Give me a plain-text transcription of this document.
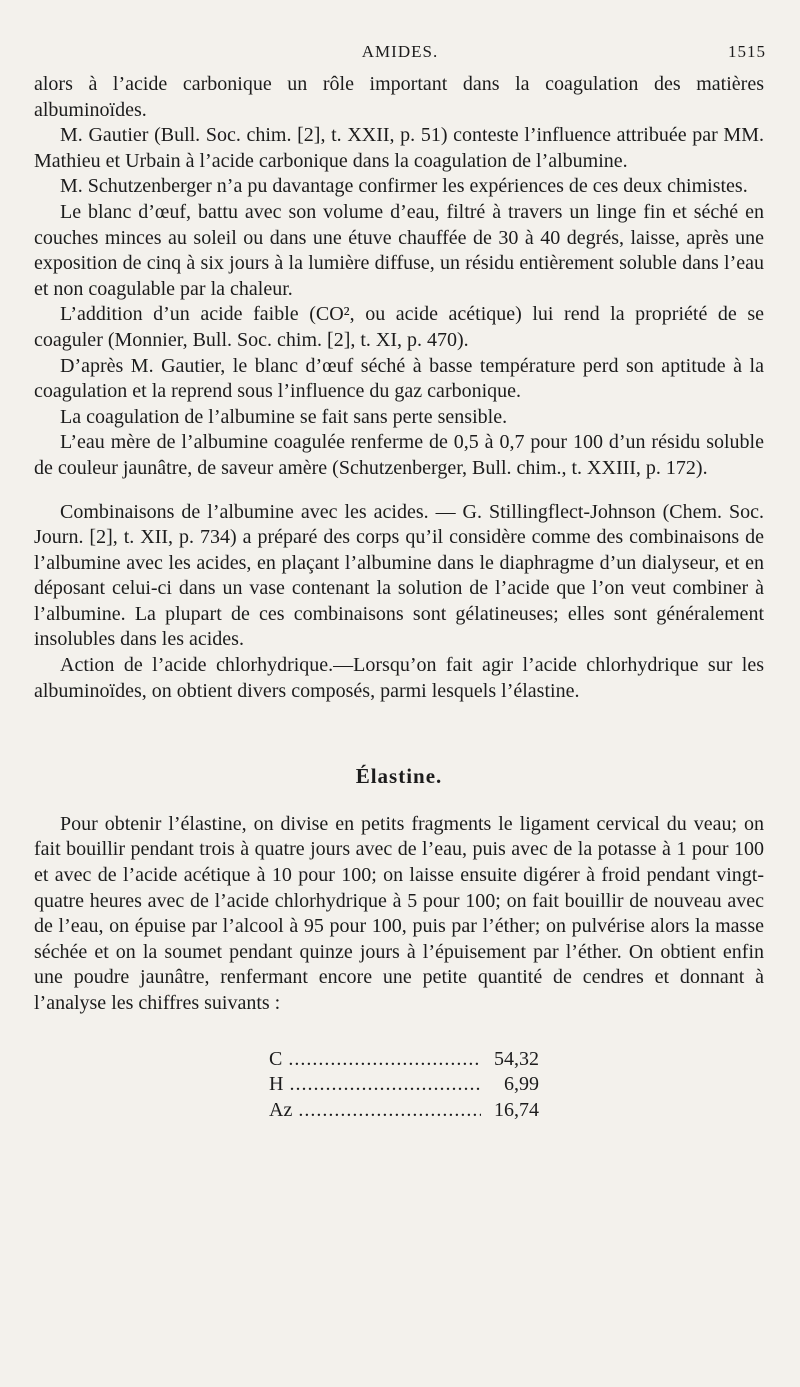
AMIDES.	1515

alors à l’acide carbonique un rôle important dans la coagulation des matières albuminoïdes.

M. Gautier (Bull. Soc. chim. [2], t. XXII, p. 51) conteste l’influence attribuée par MM. Mathieu et Urbain à l’acide carbonique dans la coagulation de l’albumine.

M. Schutzenberger n’a pu davantage confirmer les expériences de ces deux chimistes.

Le blanc d’œuf, battu avec son volume d’eau, filtré à travers un linge fin et séché en couches minces au soleil ou dans une étuve chauffée de 30 à 40 degrés, laisse, après une exposition de cinq à six jours à la lumière diffuse, un résidu entièrement soluble dans l’eau et non coagulable par la chaleur.

L’addition d’un acide faible (CO², ou acide acétique) lui rend la propriété de se coaguler (Monnier, Bull. Soc. chim. [2], t. XI, p. 470).

D’après M. Gautier, le blanc d’œuf séché à basse température perd son aptitude à la coagulation et la reprend sous l’influence du gaz carbonique.

La coagulation de l’albumine se fait sans perte sensible.

L’eau mère de l’albumine coagulée renferme de 0,5 à 0,7 pour 100 d’un résidu soluble de couleur jaunâtre, de saveur amère (Schutzenberger, Bull. chim., t. XXIII, p. 172).

Combinaisons de l’albumine avec les acides. — G. Stillingflect-Johnson (Chem. Soc. Journ. [2], t. XII, p. 734) a préparé des corps qu’il considère comme des combinaisons de l’albumine avec les acides, en plaçant l’albumine dans le diaphragme d’un dialyseur, et en déposant celui-ci dans un vase contenant la solution de l’acide que l’on veut combiner à l’albumine. La plupart de ces combinaisons sont gélatineuses; elles sont généralement insolubles dans les acides.

Action de l’acide chlorhydrique.—Lorsqu’on fait agir l’acide chlorhydrique sur les albuminoïdes, on obtient divers composés, parmi lesquels l’élastine.

Élastine.

Pour obtenir l’élastine, on divise en petits fragments le ligament cervical du veau; on fait bouillir pendant trois à quatre jours avec de l’eau, puis avec de la potasse à 1 pour 100 et avec de l’acide acétique à 10 pour 100; on laisse ensuite digérer à froid pendant vingt-quatre heures avec de l’acide chlorhydrique à 5 pour 100; on fait bouillir de nouveau avec de l’eau, on épuise par l’alcool à 95 pour 100, puis par l’éther; on pulvérise alors la masse séchée et on la soumet pendant quinze jours à l’épuisement par l’éther. On obtient enfin une poudre jaunâtre, renfermant encore une petite quantité de cendres et donnant à l’analyse les chiffres suivants :

C .....	54,32
H .....	6,99
Az .....	16,74
